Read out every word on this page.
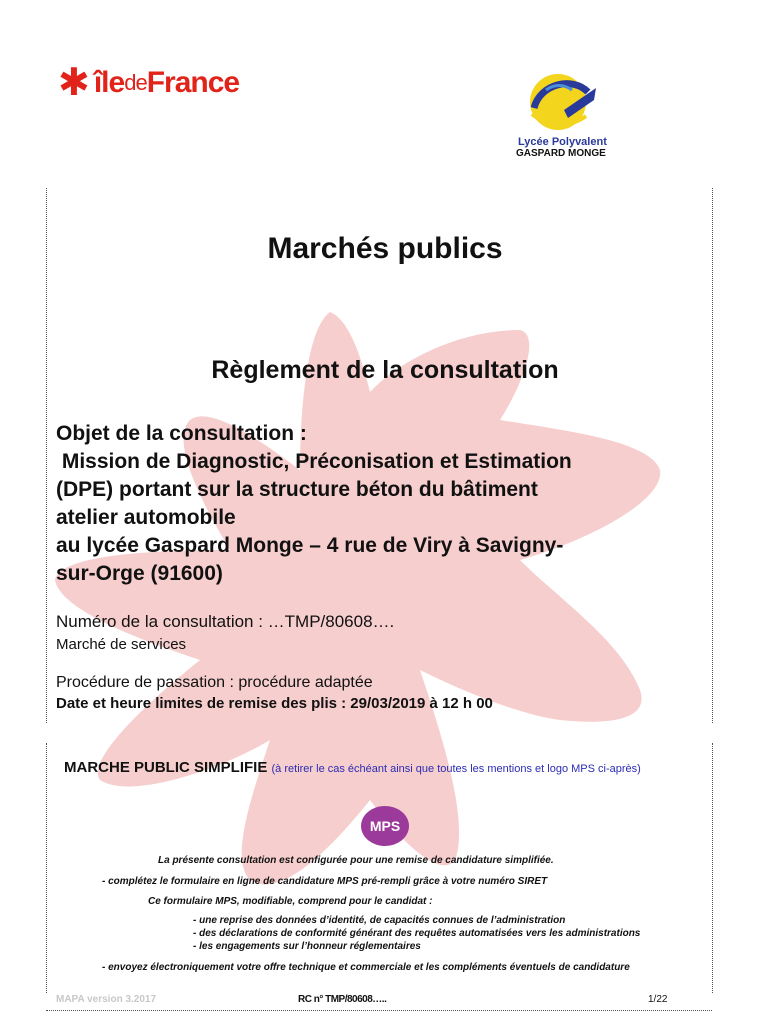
✱ île de France
Lycée Polyvalent
GASPARD MONGE
Marchés publics
Règlement de la consultation
Objet de la consultation :
Mission de Diagnostic, Préconisation et Estimation
(DPE) portant sur la structure béton du bâtiment
atelier automobile
au lycée Gaspard Monge – 4 rue de Viry à Savigny-
sur-Orge (91600)
Numéro de la consultation : …TMP/80608….
Marché de services
Procédure de passation : procédure adaptée
Date et heure limites de remise des plis : 29/03/2019 à 12 h 00
MARCHE PUBLIC SIMPLIFIE (à retirer le cas échéant ainsi que toutes les mentions et logo MPS ci-après)
MPS
La présente consultation est configurée pour une remise de candidature simplifiée.
- complétez le formulaire en ligne de candidature MPS pré-rempli grâce à votre numéro SIRET
Ce formulaire MPS, modifiable, comprend pour le candidat :
- une reprise des données d’identité, de capacités connues de l’administration
- des déclarations de conformité générant des requêtes automatisées vers les administrations
- les engagements sur l’honneur réglementaires
- envoyez électroniquement votre offre technique et commerciale et les compléments éventuels de candidature
MAPA version 3.2017	RC n° TMP/80608…..	1/22
